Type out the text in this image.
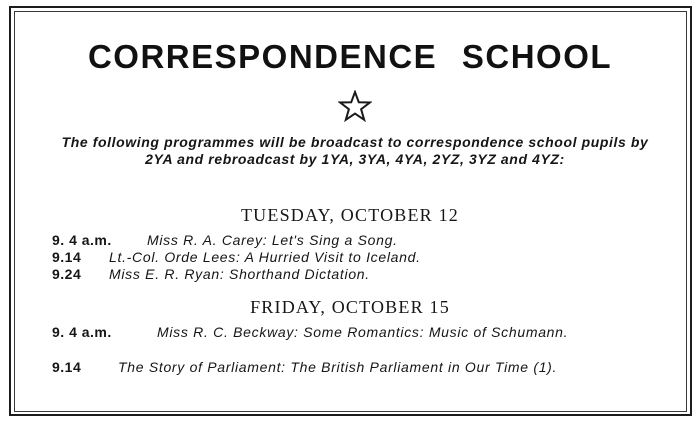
CORRESPONDENCE SCHOOL
The following programmes will be broadcast to correspondence school pupils by 2YA and rebroadcast by 1YA, 3YA, 4YA, 2YZ, 3YZ and 4YZ:
TUESDAY, OCTOBER 12
9. 4 a.m.	Miss R. A. Carey: Let's Sing a Song.
9.14 Lt.-Col. Orde Lees: A Hurried Visit to Iceland.
9.24 Miss E. R. Ryan: Shorthand Dictation.
FRIDAY, OCTOBER 15
9. 4 a.m.	Miss R. C. Beckway: Some Romantics: Music of Schumann.
9.14	The Story of Parliament: The British Parliament in Our Time (1).
